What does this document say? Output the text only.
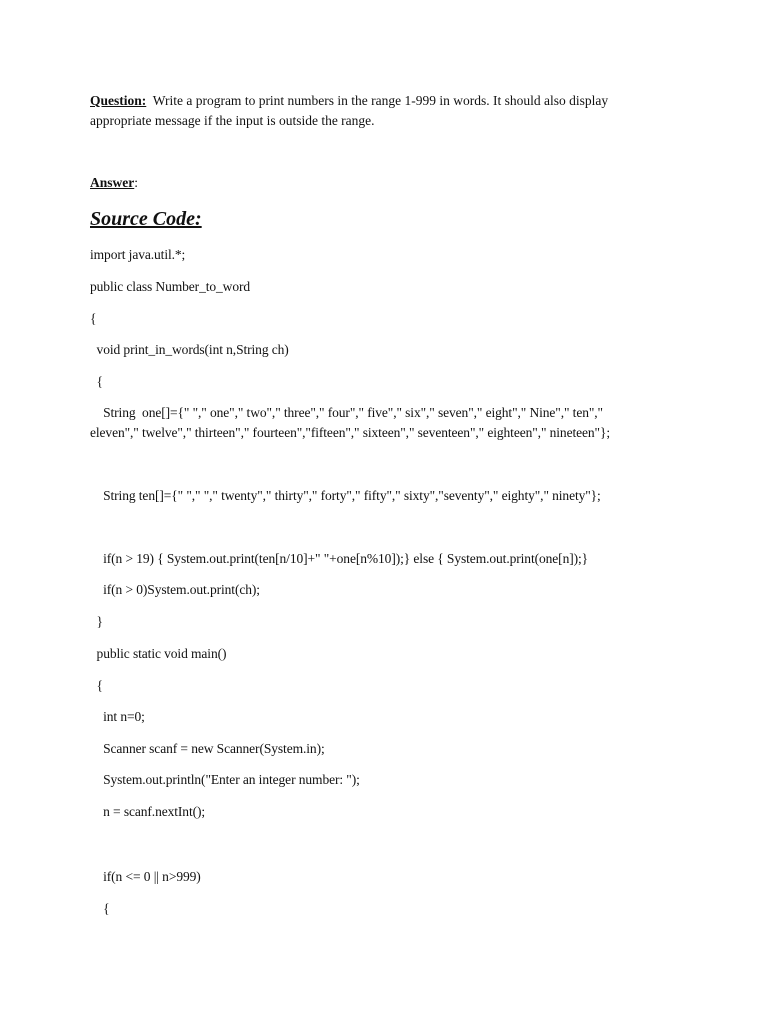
Question:  Write a program to print numbers in the range 1-999 in words. It should also display
appropriate message if the input is outside the range.
Answer:
Source Code:
import java.util.*;
public class Number_to_word
{
void print_in_words(int n,String ch)
{
String  one[]={" "," one"," two"," three"," four"," five"," six"," seven"," eight"," Nine"," ten","
eleven"," twelve"," thirteen"," fourteen","fifteen"," sixteen"," seventeen"," eighteen"," nineteen"};
String ten[]={" "," "," twenty"," thirty"," forty"," fifty"," sixty","seventy"," eighty"," ninety"};
if(n > 19) { System.out.print(ten[n/10]+" "+one[n%10]);} else { System.out.print(one[n]);}
if(n > 0)System.out.print(ch);
}
public static void main()
{
int n=0;
Scanner scanf = new Scanner(System.in);
System.out.println("Enter an integer number: ");
n = scanf.nextInt();
if(n <= 0 || n>999)
{
